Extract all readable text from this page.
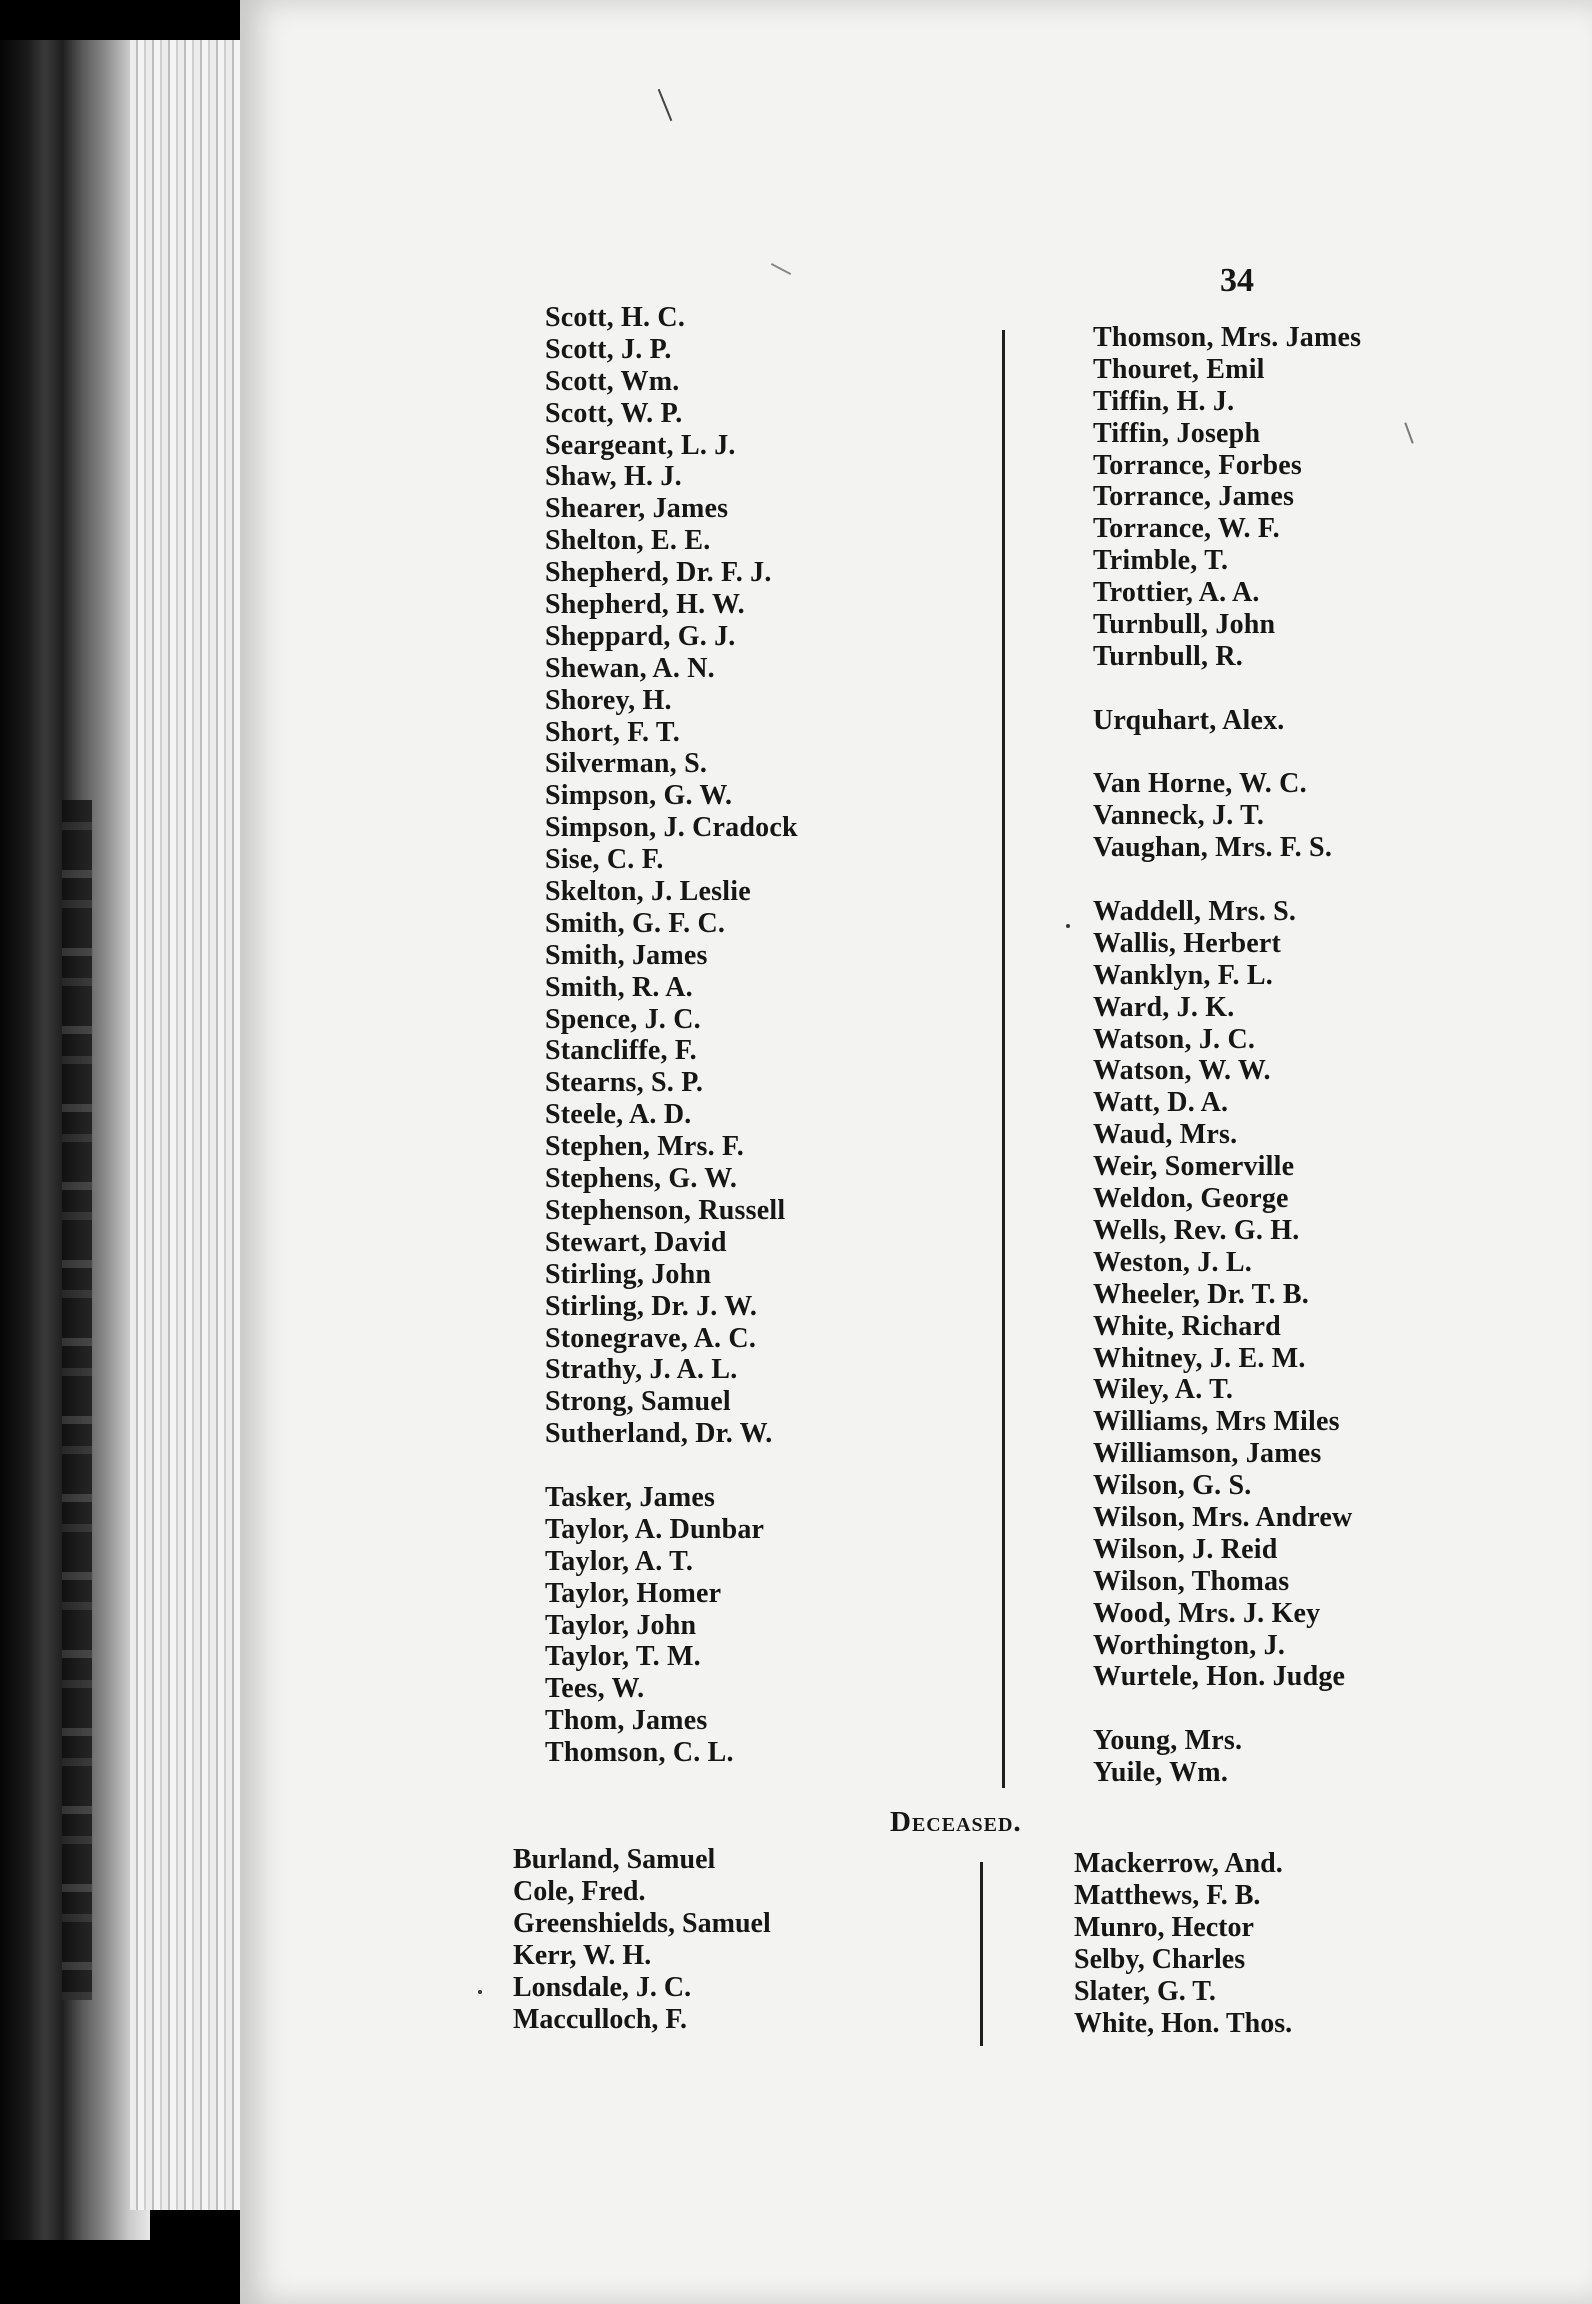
34
Scott, H. C.
Scott, J. P.
Scott, Wm.
Scott, W. P.
Seargeant, L. J.
Shaw, H. J.
Shearer, James
Shelton, E. E.
Shepherd, Dr. F. J.
Shepherd, H. W.
Sheppard, G. J.
Shewan, A. N.
Shorey, H.
Short, F. T.
Silverman, S.
Simpson, G. W.
Simpson, J. Cradock
Sise, C. F.
Skelton, J. Leslie
Smith, G. F. C.
Smith, James
Smith, R. A.
Spence, J. C.
Stancliffe, F.
Stearns, S. P.
Steele, A. D.
Stephen, Mrs. F.
Stephens, G. W.
Stephenson, Russell
Stewart, David
Stirling, John
Stirling, Dr. J. W.
Stonegrave, A. C.
Strathy, J. A. L.
Strong, Samuel
Sutherland, Dr. W.
Tasker, James
Taylor, A. Dunbar
Taylor, A. T.
Taylor, Homer
Taylor, John
Taylor, T. M.
Tees, W.
Thom, James
Thomson, C. L.
Thomson, Mrs. James
Thouret, Emil
Tiffin, H. J.
Tiffin, Joseph
Torrance, Forbes
Torrance, James
Torrance, W. F.
Trimble, T.
Trottier, A. A.
Turnbull, John
Turnbull, R.
Urquhart, Alex.
Van Horne, W. C.
Vanneck, J. T.
Vaughan, Mrs. F. S.
Waddell, Mrs. S.
Wallis, Herbert
Wanklyn, F. L.
Ward, J. K.
Watson, J. C.
Watson, W. W.
Watt, D. A.
Waud, Mrs.
Weir, Somerville
Weldon, George
Wells, Rev. G. H.
Weston, J. L.
Wheeler, Dr. T. B.
White, Richard
Whitney, J. E. M.
Wiley, A. T.
Williams, Mrs Miles
Williamson, James
Wilson, G. S.
Wilson, Mrs. Andrew
Wilson, J. Reid
Wilson, Thomas
Wood, Mrs. J. Key
Worthington, J.
Wurtele, Hon. Judge
Young, Mrs.
Yuile, Wm.
Deceased.
Burland, Samuel
Cole, Fred.
Greenshields, Samuel
Kerr, W. H.
Lonsdale, J. C.
Macculloch, F.
Mackerrow, And.
Matthews, F. B.
Munro, Hector
Selby, Charles
Slater, G. T.
White, Hon. Thos.
